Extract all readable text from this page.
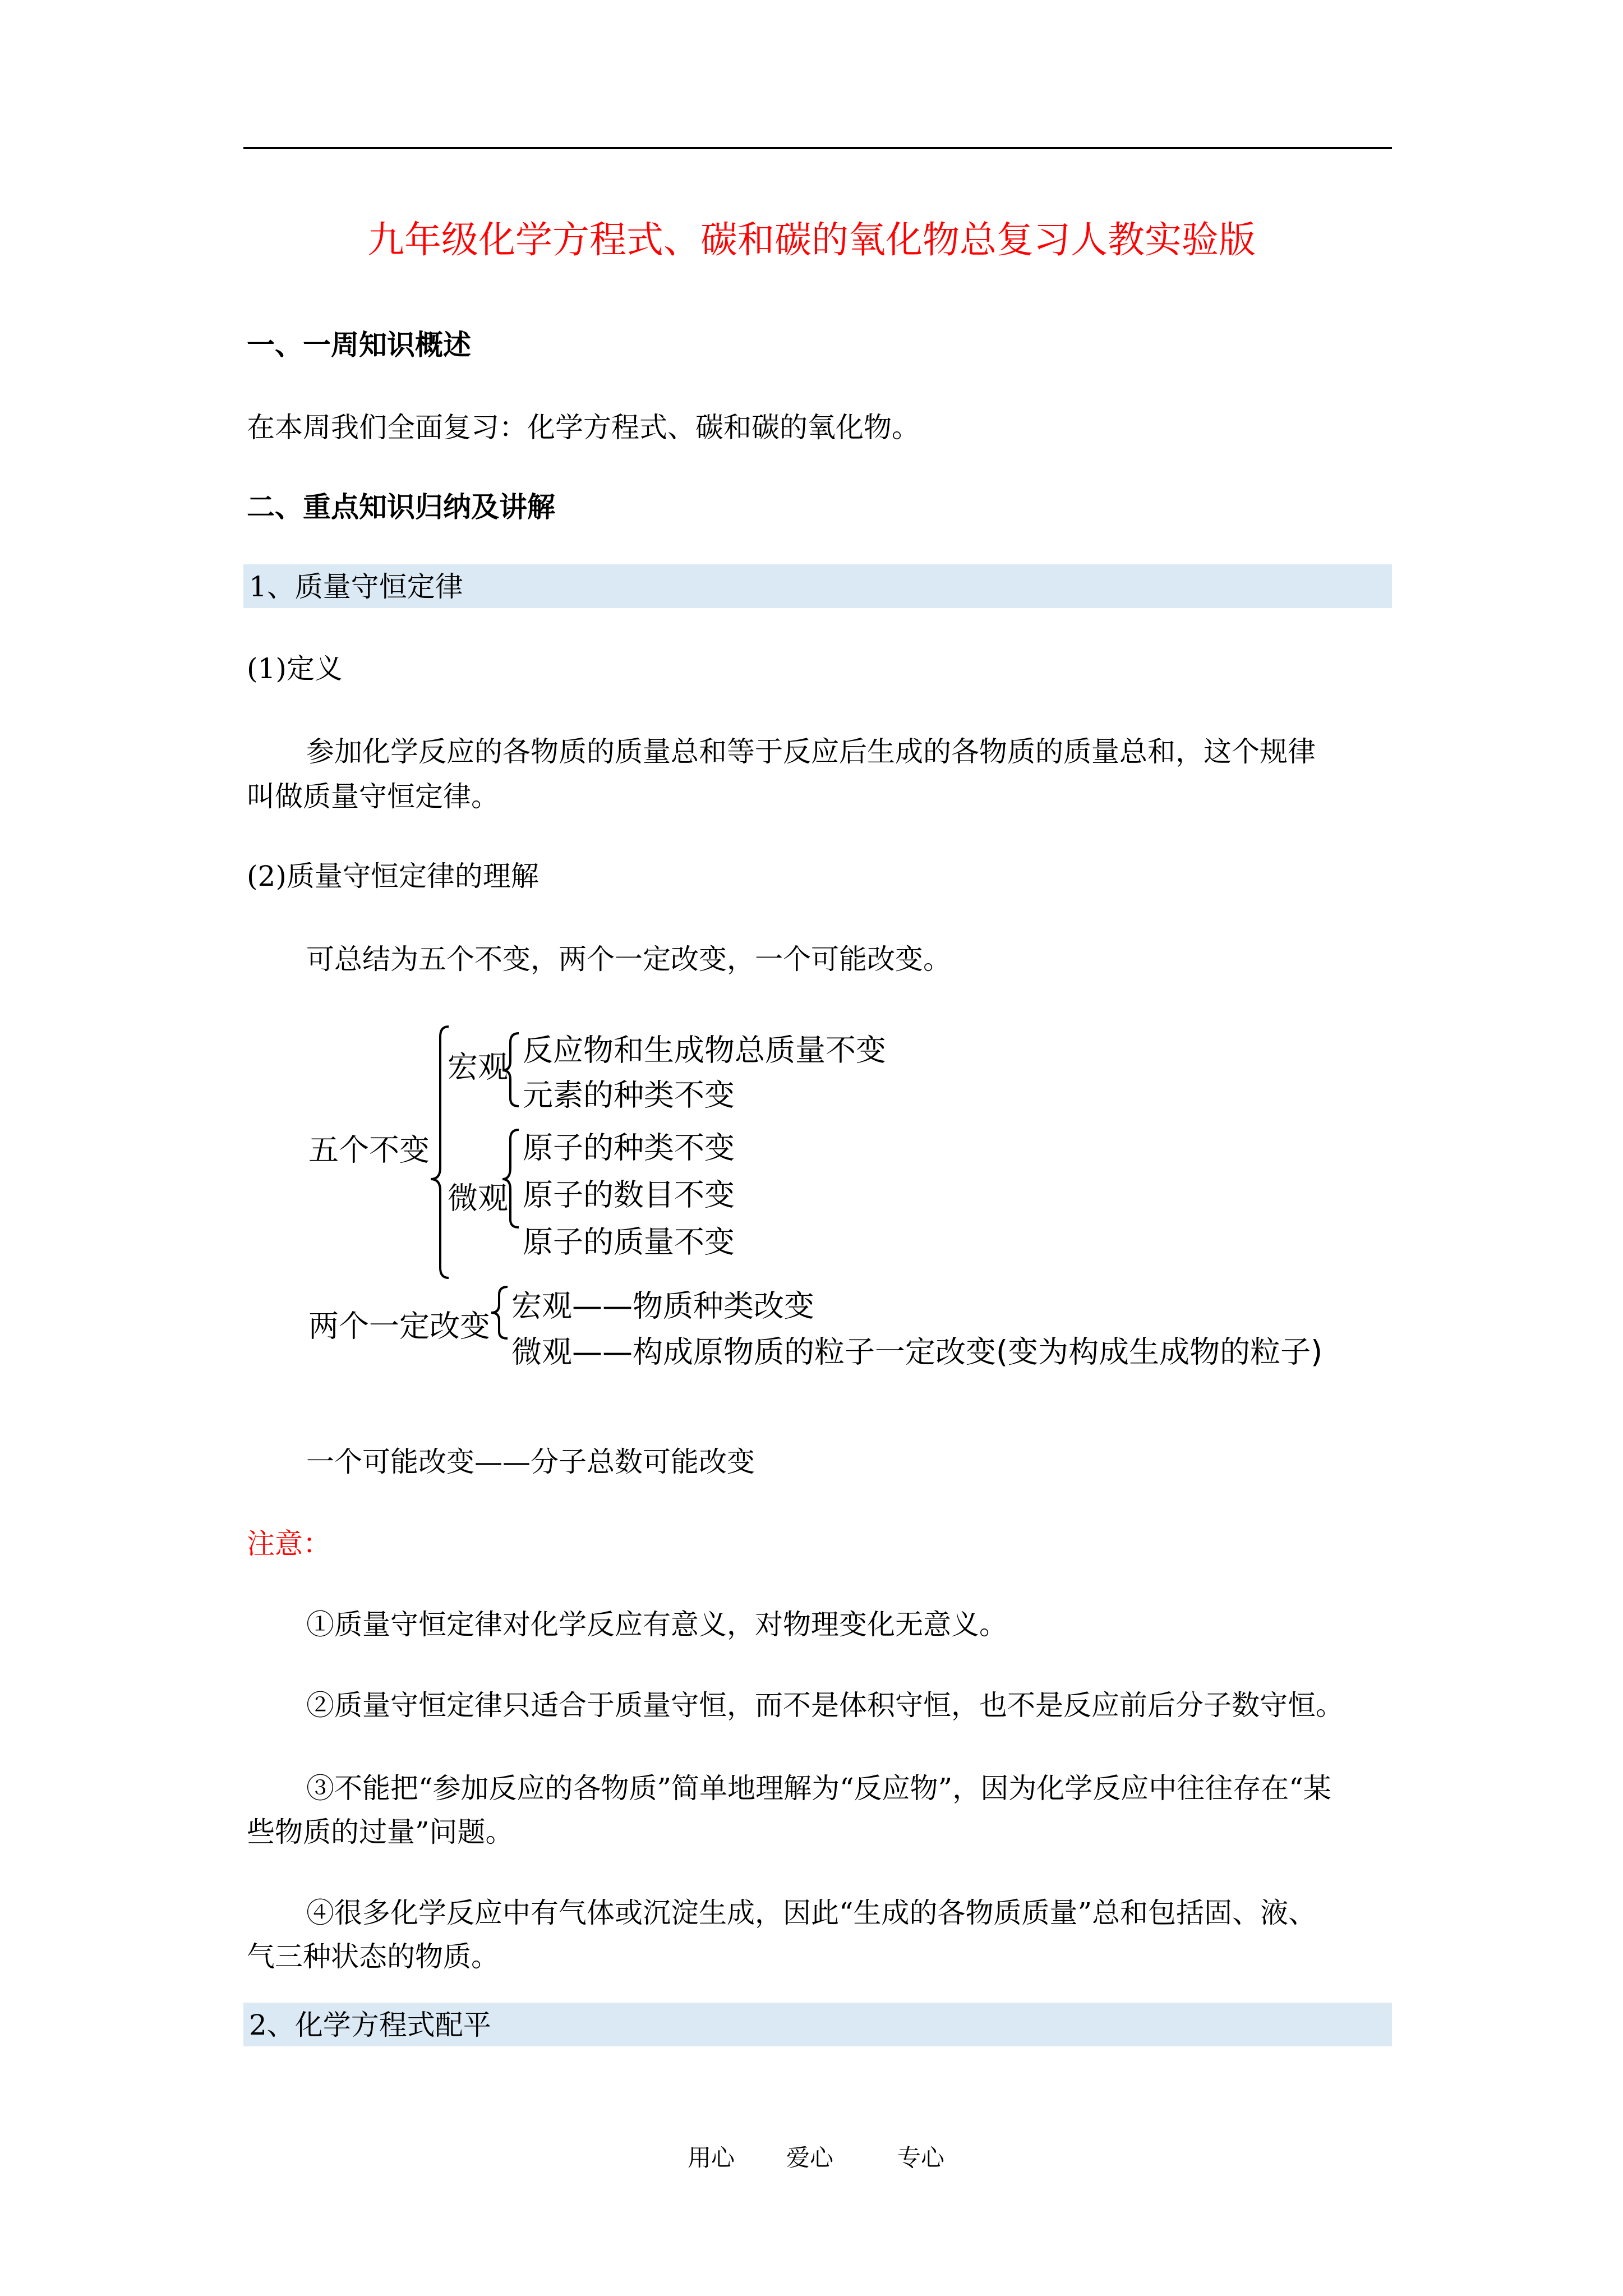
九年级化学方程式、碳和碳的氧化物总复习人教实验版
一、一周知识概述
在本周我们全面复习：化学方程式、碳和碳的氧化物。
二、重点知识归纳及讲解
1、质量守恒定律
(1)定义
参加化学反应的各物质的质量总和等于反应后生成的各物质的质量总和，这个规律
叫做质量守恒定律。
(2)质量守恒定律的理解
可总结为五个不变，两个一定改变，一个可能改变。
五个不变
宏观 反应物和生成物总质量不变
元素的种类不变
微观
原子的种类不变
原子的数目不变
原子的质量不变
两个一定改变
宏观——物质种类改变
微观——构成原物质的粒子一定改变(变为构成生成物的粒子)
一个可能改变——分子总数可能改变
注意：
①质量守恒定律对化学反应有意义，对物理变化无意义。
②质量守恒定律只适合于质量守恒，而不是体积守恒，也不是反应前后分子数守恒。
③不能把“参加反应的各物质”简单地理解为“反应物”，因为化学反应中往往存在“某
些物质的过量”问题。
④很多化学反应中有气体或沉淀生成，因此“生成的各物质质量”总和包括固、液、
气三种状态的物质。
2、化学方程式配平
用心 爱心	专心
